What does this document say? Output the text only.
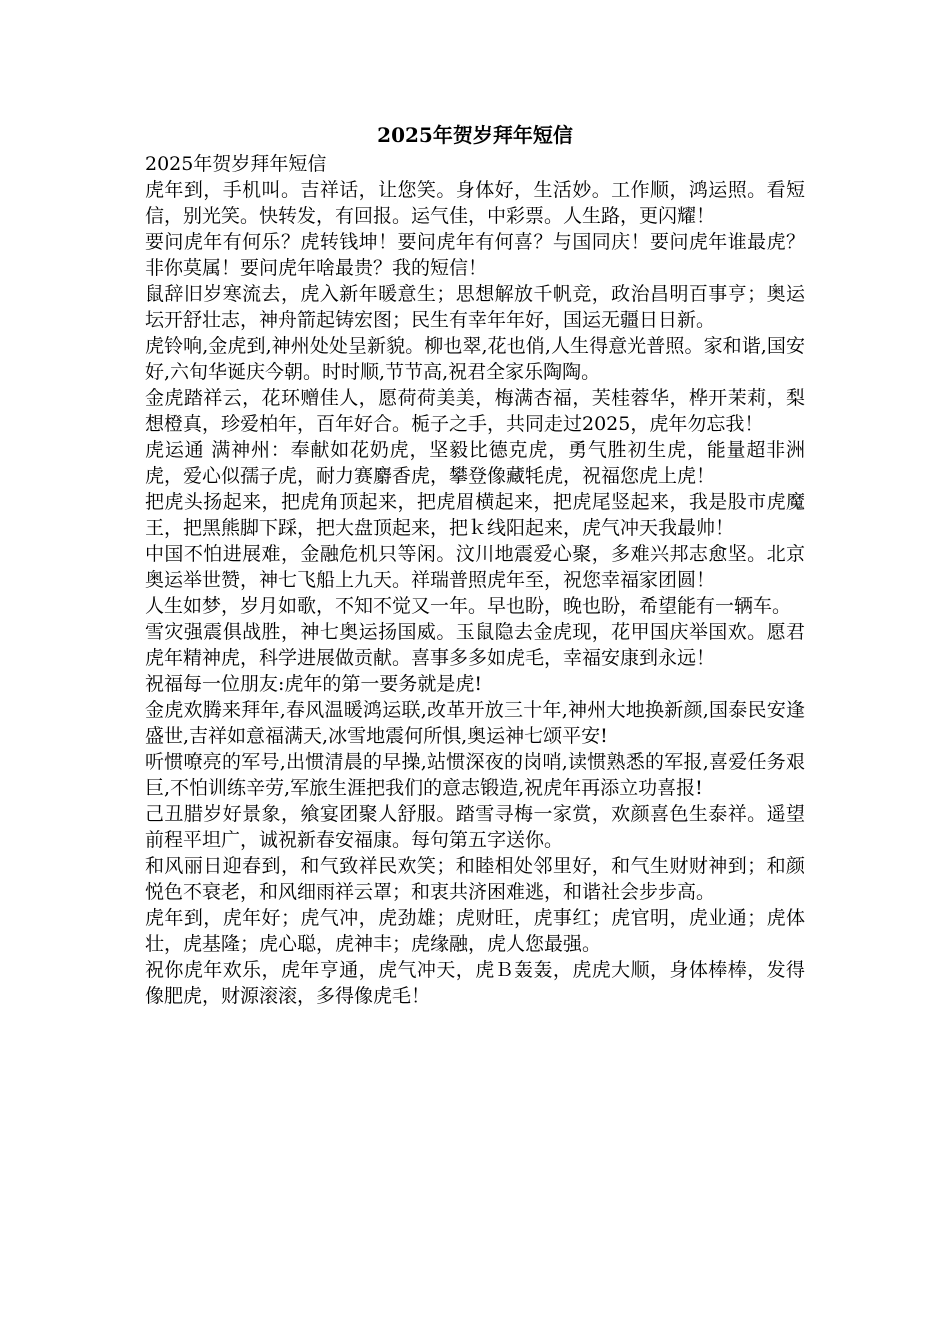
2025年贺岁拜年短信

2025年贺岁拜年短信

虎年到，手机叫。吉祥话，让您笑。身体好，生活妙。工作顺，鸿运照。看短信，别光笑。快转发，有回报。运气佳，中彩票。人生路，更闪耀！

要问虎年有何乐？虎转钱坤！要问虎年有何喜？与国同庆！要问虎年谁最虎？非你莫属！要问虎年啥最贵？我的短信！

鼠辞旧岁寒流去，虎入新年暖意生；思想解放千帆竞，政治昌明百事亨；奥运坛开舒壮志，神舟箭起铸宏图；民生有幸年年好，国运无疆日日新。

虎铃响,金虎到,神州处处呈新貌。柳也翠,花也俏,人生得意光普照。家和谐,国安好,六旬华诞庆今朝。时时顺,节节高,祝君全家乐陶陶。

金虎踏祥云，花环赠佳人，愿荷荷美美，梅满杏福，芙桂蓉华，桦开茉莉，梨想橙真，珍爱柏年，百年好合。栀子之手，共同走过2025，虎年勿忘我！

虎运通 满神州：奉献如花奶虎，坚毅比德克虎，勇气胜初生虎，能量超非洲虎，爱心似孺子虎，耐力赛麝香虎，攀登像藏牦虎，祝福您虎上虎！

把虎头扬起来，把虎角顶起来，把虎眉横起来，把虎尾竖起来，我是股市虎魔王，把黑熊脚下踩，把大盘顶起来，把ｋ线阳起来，虎气冲天我最帅！

中国不怕进展难，金融危机只等闲。汶川地震爱心聚，多难兴邦志愈坚。北京奥运举世赞，神七飞船上九天。祥瑞普照虎年至，祝您幸福家团圆！

人生如梦，岁月如歌，不知不觉又一年。早也盼，晚也盼，希望能有一辆车。

雪灾强震俱战胜，神七奥运扬国威。玉鼠隐去金虎现，花甲国庆举国欢。愿君虎年精神虎，科学进展做贡献。喜事多多如虎毛，幸福安康到永远！

祝福每一位朋友:虎年的第一要务就是虎!

金虎欢腾来拜年,春风温暖鸿运联,改革开放三十年,神州大地换新颜,国泰民安逢盛世,吉祥如意福满天,冰雪地震何所惧,奥运神七颂平安!

听惯嘹亮的军号,出惯清晨的早操,站惯深夜的岗哨,读惯熟悉的军报,喜爱任务艰巨,不怕训练辛劳,军旅生涯把我们的意志锻造,祝虎年再添立功喜报!

己丑腊岁好景象，飨宴团聚人舒服。踏雪寻梅一家赏，欢颜喜色生泰祥。遥望前程平坦广，诚祝新春安福康。每句第五字送你。

和风丽日迎春到，和气致祥民欢笑；和睦相处邻里好，和气生财财神到；和颜悦色不衰老，和风细雨祥云罩；和衷共济困难逃，和谐社会步步高。

虎年到，虎年好；虎气冲，虎劲雄；虎财旺，虎事红；虎官明，虎业通；虎体壮，虎基隆；虎心聪，虎神丰；虎缘融，虎人您最强。

祝你虎年欢乐，虎年亨通，虎气冲天，虎Ｂ轰轰，虎虎大顺，身体棒棒，发得像肥虎，财源滚滚，多得像虎毛！
